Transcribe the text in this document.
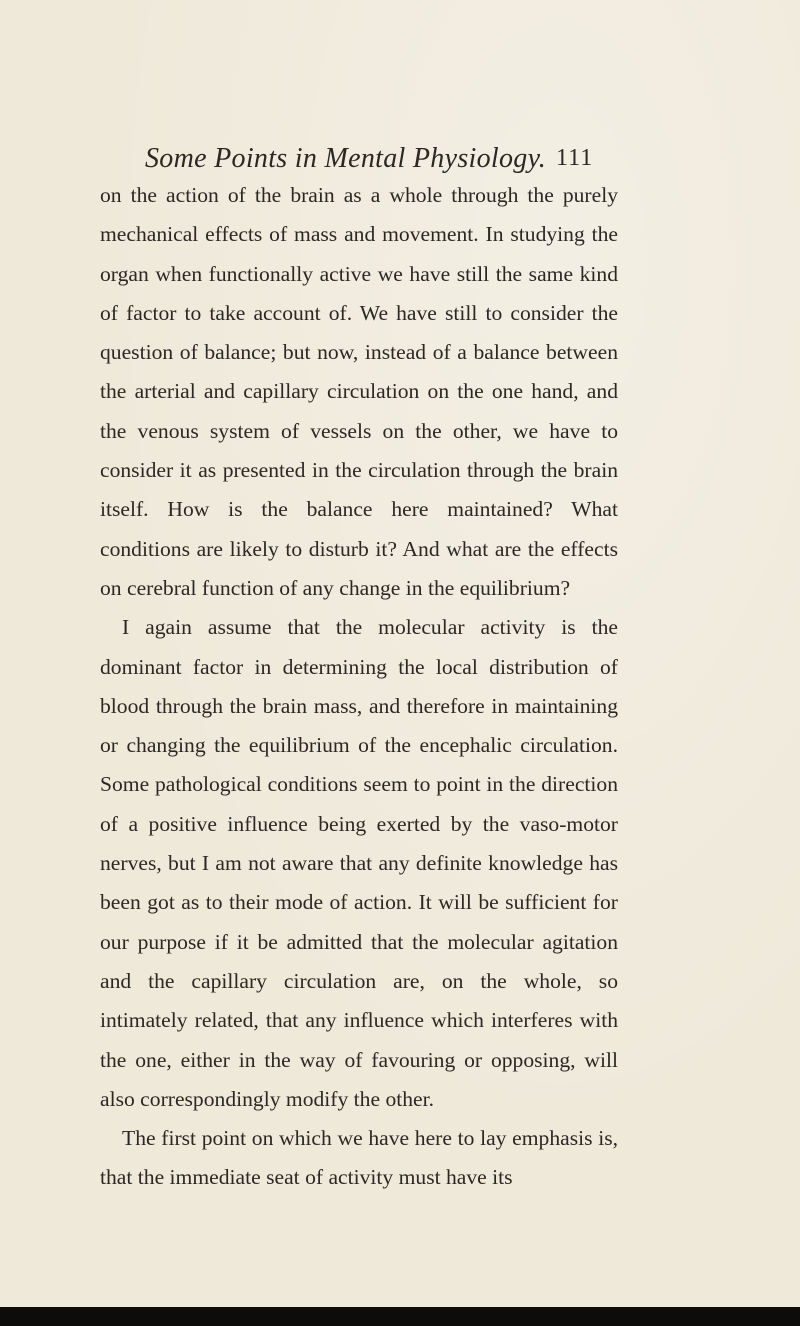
Some Points in Mental Physiology. 111

on the action of the brain as a whole through the purely mechanical effects of mass and movement. In studying the organ when functionally active we have still the same kind of factor to take account of. We have still to consider the question of balance; but now, instead of a balance between the arterial and capillary circulation on the one hand, and the venous system of vessels on the other, we have to consider it as presented in the circulation through the brain itself. How is the balance here maintained? What conditions are likely to disturb it? And what are the effects on cerebral function of any change in the equilibrium?

I again assume that the molecular activity is the dominant factor in determining the local distribution of blood through the brain mass, and therefore in maintaining or changing the equilibrium of the encephalic circulation. Some pathological conditions seem to point in the direction of a positive influence being exerted by the vaso-motor nerves, but I am not aware that any definite knowledge has been got as to their mode of action. It will be sufficient for our purpose if it be admitted that the molecular agitation and the capillary circulation are, on the whole, so intimately related, that any influence which interferes with the one, either in the way of favouring or opposing, will also correspondingly modify the other.

The first point on which we have here to lay emphasis is, that the immediate seat of activity must have its
